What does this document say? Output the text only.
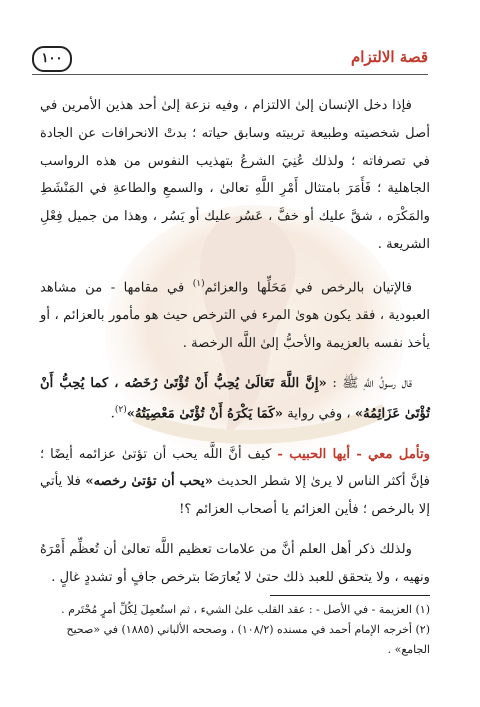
قصة الالتزام
١٠٠

فإذا دخل الإنسان إلىٰ الالتزام ، وفيه نزعة إلىٰ أحد هذين الأمرين في أصل شخصيته وطبيعة تربيته وسابق حياته ؛ بدتْ الانحرافات عن الجادة في تصرفاته ؛ ولذلك عُنِيَ الشرعُ بتهذيب النفوس من هذه الرواسب الجاهلية ؛ فَأَمَرَ بامتثال أَمْرِ اللَّهِ تعالىٰ ، والسمعِ والطاعةِ في المَنْشَطِ والمَكْرَه ، شقَّ عليك أو خفَّ ، عَسُر عليك أو يَسُر ، وهذا من جميل فِعْلِ الشريعة .

فالإتيان بالرخص في مَحَلِّها والعزائم$^{(١)}$ في مقامها - من مشاهد العبودية ، فقد يكون هوىٰ المرء في الترخص حيث هو مأمور بالعزائم ، أو يأخذ نفسه بالعزيمة والأحبُّ إلىٰ اللَّه الرخصة .

قال رسولُ اللَّهِ ﷺ : «إِنَّ اللَّهَ تَعَالَىٰ يُحِبُّ أَنْ تُؤْتَىٰ رُخَصُه ، كما يُحِبُّ أَنْ تُؤْتَىٰ عَزَائِمُهُ» ، وفي رواية «كَمَا يَكْرَهُ أَنْ تُؤْتَىٰ مَعْصِيَتُهُ»$^{(٢)}$.

وتأمل معي - أيها الحبيب - كيف أنَّ اللَّه يحب أن تؤتىٰ عزائمه أيضًا ؛ فإنَّ أكثر الناس لا يرىٰ إلا شطر الحديث «يحب أن تؤتىٰ رخصه» فلا يأتي إلا بالرخص ؛ فأين العزائم يا أصحاب العزائم ؟!

ولذلك ذكر أهل العلم أنَّ من علامات تعظيم اللَّه تعالىٰ أن تُعظِّم أَمْرَهُ ونهيه ، ولا يتحقق للعبد ذلك حتىٰ لا يُعارَضَا بترخص جافٍ أو تشددٍ غالٍ .

(١) العزيمة - في الأصل - : عقد القلب علىٰ الشيء ، ثم استُعمِلَ لِكُلِّ أمرٍ مُحْتَرم .
(٢) أخرجه الإمام أحمد في مسنده (١٠٨/٢) ، وصححه الألباني (١٨٨٥) في «صحيح الجامع» .
